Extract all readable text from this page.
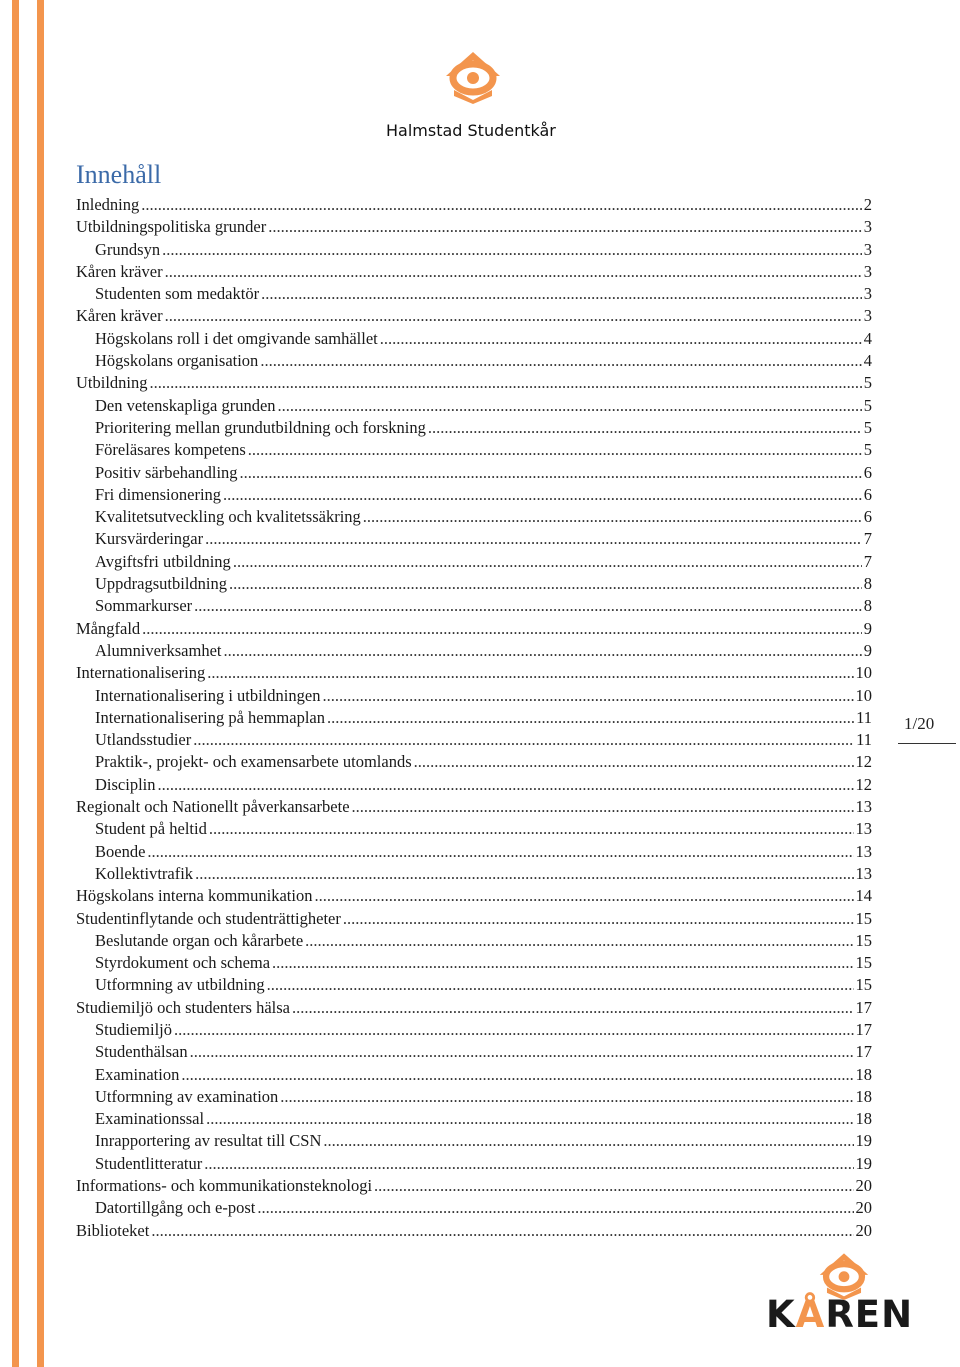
Halmstad Studentkår
Innehåll
Inledning .....	2
Utbildningspolitiska grunder .....	3
Grundsyn .....	3
Kåren kräver .....	3
Studenten som medaktör .....	3
Kåren kräver .....	3
Högskolans roll i det omgivande samhället .....	4
Högskolans organisation .....	4
Utbildning .....	5
Den vetenskapliga grunden .....	5
Prioritering mellan grundutbildning och forskning .....	5
Föreläsares kompetens .....	5
Positiv särbehandling .....	6
Fri dimensionering .....	6
Kvalitetsutveckling och kvalitetssäkring .....	6
Kursvärderingar .....	7
Avgiftsfri utbildning .....	7
Uppdragsutbildning .....	8
Sommarkurser .....	8
Mångfald .....	9
Alumniverksamhet .....	9
Internationalisering .....	10
Internationalisering i utbildningen .....	10
Internationalisering på hemmaplan .....	11
Utlandsstudier .....	11
Praktik-, projekt- och examensarbete utomlands .....	12
Disciplin .....	12
Regionalt och Nationellt påverkansarbete .....	13
Student på heltid .....	13
Boende .....	13
Kollektivtrafik .....	13
Högskolans interna kommunikation .....	14
Studentinflytande och studenträttigheter .....	15
Beslutande organ och kårarbete .....	15
Styrdokument och schema .....	15
Utformning av utbildning .....	15
Studiemiljö och studenters hälsa .....	17
Studiemiljö .....	17
Studenthälsan .....	17
Examination .....	18
Utformning av examination .....	18
Examinationssal .....	18
Inrapportering av resultat till CSN .....	19
Studentlitteratur .....	19
Informations- och kommunikationsteknologi .....	20
Datortillgång och e-post .....	20
Biblioteket .....	20
1/20
KÅREN
